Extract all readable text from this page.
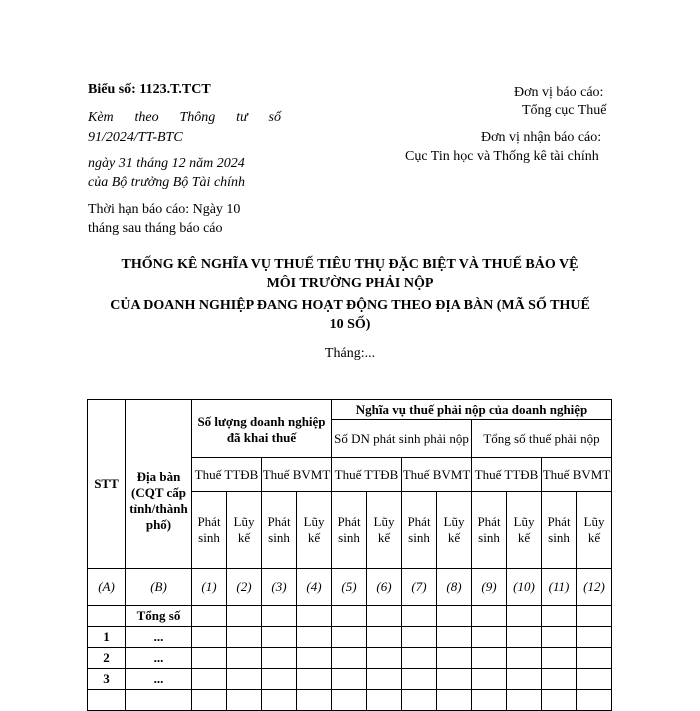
Biểu số: 1123.T.TCT
Kèm theo Thông tư số
91/2024/TT-BTC
ngày 31 tháng 12 năm 2024
của Bộ trưởng Bộ Tài chính
Thời hạn báo cáo: Ngày 10
tháng sau tháng báo cáo
Đơn vị báo cáo:
Tổng cục Thuế
Đơn vị nhận báo cáo:
Cục Tin học và Thống kê tài chính
THỐNG KÊ NGHĨA VỤ THUẾ TIÊU THỤ ĐẶC BIỆT VÀ THUẾ BẢO VỆ
MÔI TRƯỜNG PHẢI NỘP
CỦA DOANH NGHIỆP ĐANG HOẠT ĐỘNG THEO ĐỊA BÀN (MÃ SỐ THUẾ
10 SỐ)
Tháng:...
STT	Địa bàn (CQT cấp tỉnh/thành phố)	Số lượng doanh nghiệp đã khai thuế				Nghĩa vụ thuế phải nộp của doanh nghiệp							
						Số DN phát sinh phải nộp				Tổng số thuế phải nộp			
		Thuế TTĐB		Thuế BVMT		Thuế TTĐB		Thuế BVMT		Thuế TTĐB		Thuế BVMT	
		Phát sinh	Lũy kế	Phát sinh	Lũy kế	Phát sinh	Lũy kế	Phát sinh	Lũy kế	Phát sinh	Lũy kế	Phát sinh	Lũy kế
(A)	(B)	(1)	(2)	(3)	(4)	(5)	(6)	(7)	(8)	(9)	(10)	(11)	(12)
	Tổng số												
1	...												
2	...												
3	...												
